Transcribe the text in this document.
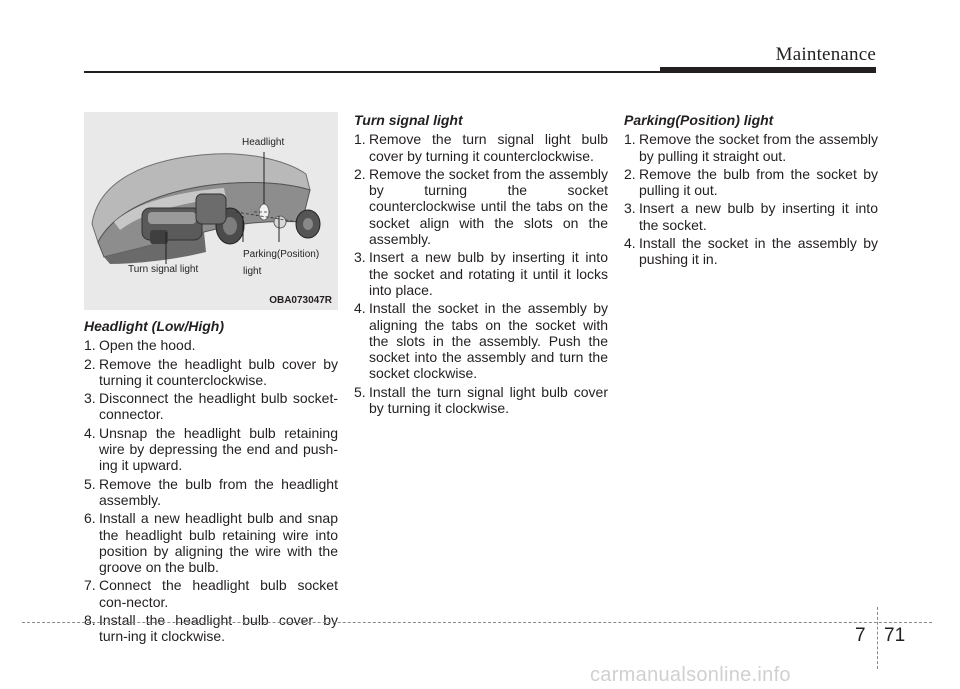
Maintenance
Headlight
Turn signal light
Parking(Position)
light
OBA073047R
Headlight (Low/High)
1. Open the hood.
2. Remove the headlight bulb cover by turning it counterclockwise.
3. Disconnect the headlight bulb socket-connector.
4. Unsnap the headlight bulb retaining wire by depressing the end and push-ing it upward.
5. Remove the bulb from the headlight assembly.
6. Install a new headlight bulb and snap the headlight bulb retaining wire into position by aligning the wire with the groove on the bulb.
7. Connect the headlight bulb socket con-nector.
8. Install the headlight bulb cover by turn-ing it clockwise.
Turn signal light
1. Remove the turn signal light bulb cover by turning it counterclockwise.
2. Remove the socket from the assembly by turning the socket counterclockwise until the tabs on the socket align with the slots on the assembly.
3. Insert a new bulb by inserting it into the socket and rotating it until it locks into place.
4. Install the socket in the assembly by aligning the tabs on the socket with the slots in the assembly. Push the socket into the assembly and turn the socket clockwise.
5. Install the turn signal light bulb cover by turning it clockwise.
Parking(Position) light
1. Remove the socket from the assembly by pulling it straight out.
2. Remove the bulb from the socket by pulling it out.
3. Insert a new bulb by inserting it into the socket.
4. Install the socket in the assembly by pushing it in.
7 71
carmanualsonline.info
